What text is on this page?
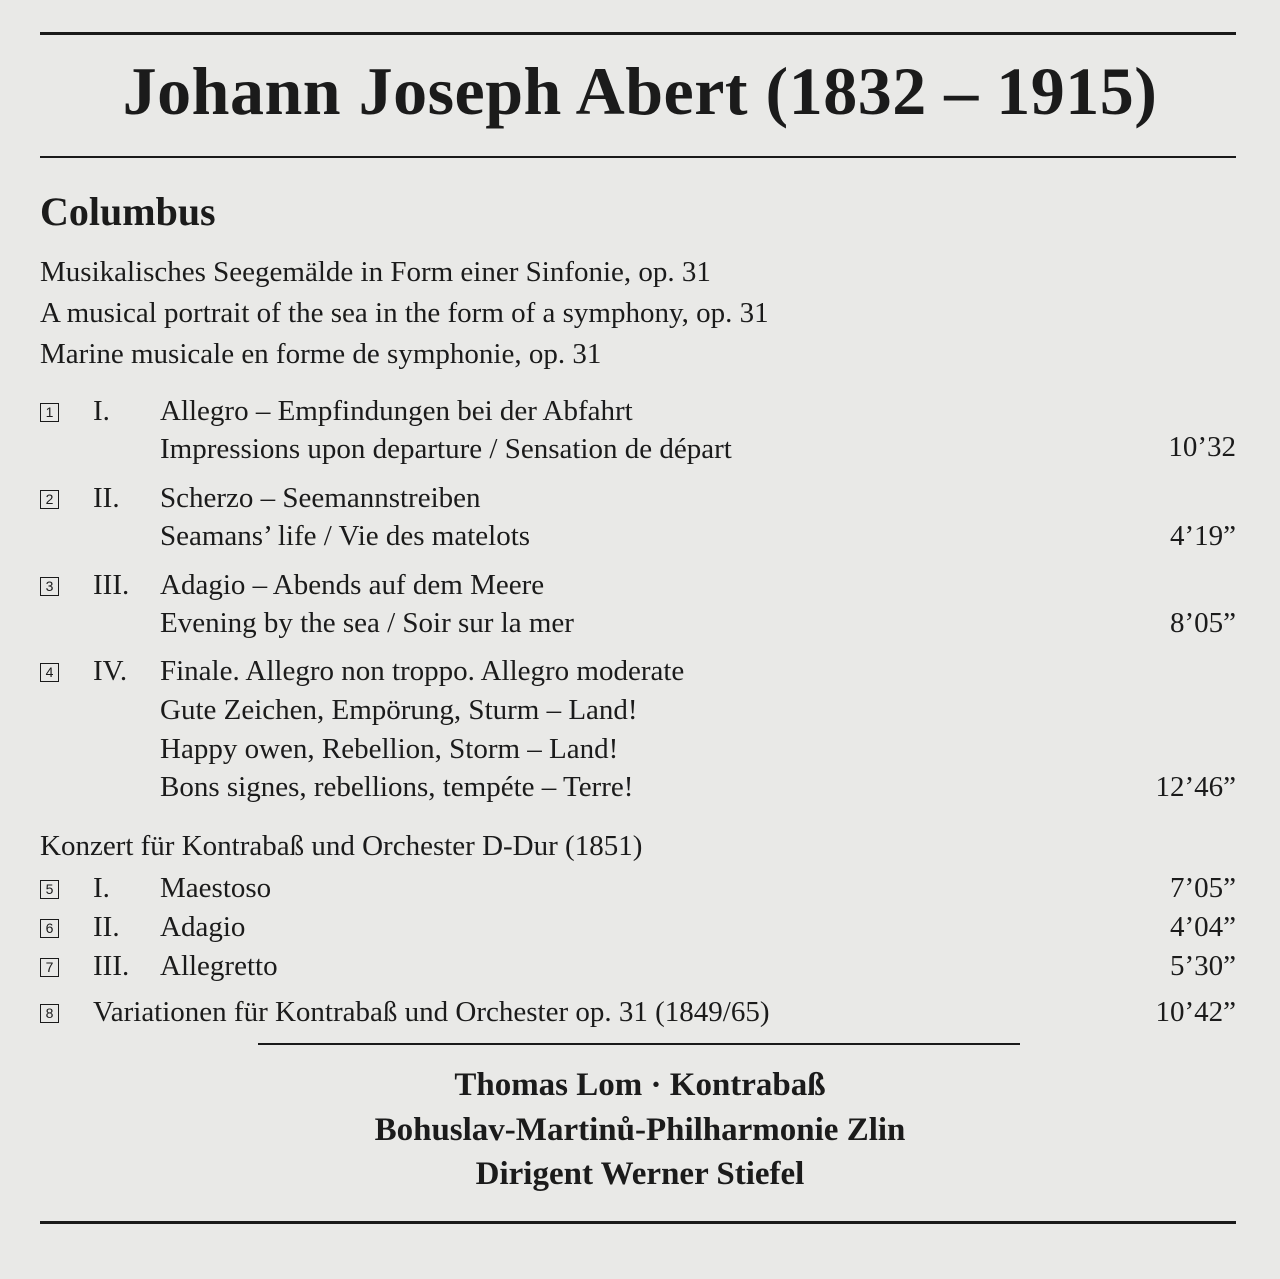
Johann Joseph Abert (1832 – 1915)
Columbus
Musikalisches Seegemälde in Form einer Sinfonie, op. 31
A musical portrait of the sea in the form of a symphony, op. 31
Marine musicale en forme de symphonie, op. 31
1 I. Allegro – Empfindungen bei der Abfahrt
Impressions upon departure / Sensation de départ	10’32
2 II. Scherzo – Seemannstreiben
Seamans’ life / Vie des matelots	4’19”
3 III. Adagio – Abends auf dem Meere
Evening by the sea / Soir sur la mer	8’05”
4 IV. Finale. Allegro non troppo. Allegro moderate
Gute Zeichen, Empörung, Sturm – Land!
Happy owen, Rebellion, Storm – Land!
Bons signes, rebellions, tempéte – Terre!	12’46”
Konzert für Kontrabaß und Orchester D-Dur (1851)
5 I. Maestoso	7’05”
6 II. Adagio	4’04”
7 III. Allegretto	5’30”
8 Variationen für Kontrabaß und Orchester op. 31 (1849/65)	10’42”
Thomas Lom · Kontrabaß
Bohuslav-Martinů-Philharmonie Zlin
Dirigent Werner Stiefel
